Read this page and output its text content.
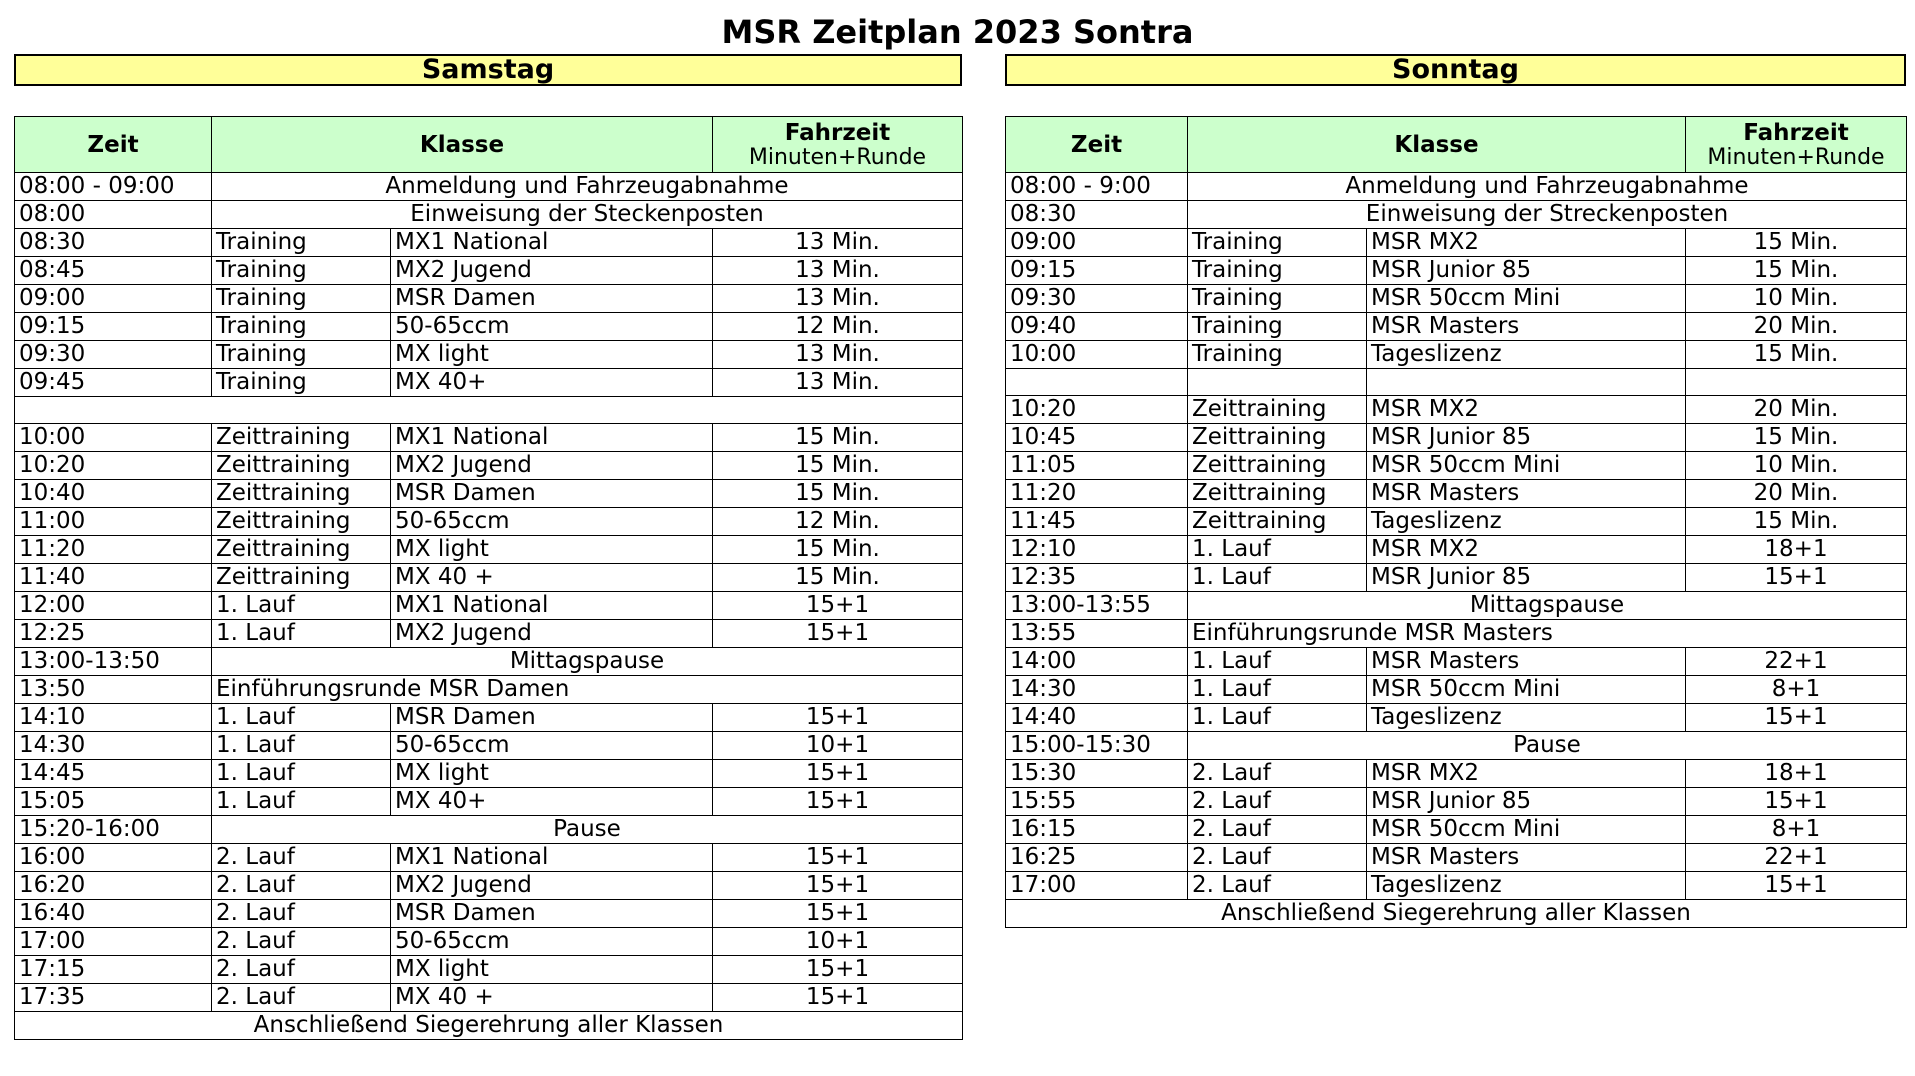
MSR Zeitplan 2023 Sontra
Samstag	Sonntag
Zeit	Klasse		Fahrzeit
Minuten+Runde

08:00 - 09:00	Anmeldung und Fahrzeugabnahme		
08:00	Einweisung der Steckenposten		
08:30	Training	MX1 National	13 Min.
08:45	Training	MX2 Jugend	13 Min.
09:00	Training	MSR Damen	13 Min.
09:15	Training	50-65ccm	12 Min.
09:30	Training	MX light	13 Min.
09:45	Training	MX 40+	13 Min.

10:00	Zeittraining	MX1 National	15 Min.
10:20	Zeittraining	MX2 Jugend	15 Min.
10:40	Zeittraining	MSR Damen	15 Min.
11:00	Zeittraining	50-65ccm	12 Min.
11:20	Zeittraining	MX light	15 Min.
11:40	Zeittraining	MX 40 +	15 Min.
12:00	1. Lauf	MX1 National	15+1
12:25	1. Lauf	MX2 Jugend	15+1
13:00-13:50	Mittagspause		
13:50	Einführungsrunde MSR Damen		
14:10	1. Lauf	MSR Damen	15+1
14:30	1. Lauf	50-65ccm	10+1
14:45	1. Lauf	MX light	15+1
15:05	1. Lauf	MX 40+	15+1
15:20-16:00	Pause		
16:00	2. Lauf	MX1 National	15+1
16:20	2. Lauf	MX2 Jugend	15+1
16:40	2. Lauf	MSR Damen	15+1
17:00	2. Lauf	50-65ccm	10+1
17:15	2. Lauf	MX light	15+1
17:35	2. Lauf	MX 40 +	15+1
Anschließend Siegerehrung aller Klassen			
Zeit	Klasse		Fahrzeit
Minuten+Runde

08:00 - 9:00	Anmeldung und Fahrzeugabnahme		
08:30	Einweisung der Streckenposten		
09:00	Training	MSR MX2	15 Min.
09:15	Training	MSR Junior 85	15 Min.
09:30	Training	MSR 50ccm Mini	10 Min.
09:40	Training	MSR Masters	20 Min.
10:00	Training	Tageslizenz	15 Min.

10:20	Zeittraining	MSR MX2	20 Min.
10:45	Zeittraining	MSR Junior 85	15 Min.
11:05	Zeittraining	MSR 50ccm Mini	10 Min.
11:20	Zeittraining	MSR Masters	20 Min.
11:45	Zeittraining	Tageslizenz	15 Min.
12:10	1. Lauf	MSR MX2	18+1
12:35	1. Lauf	MSR Junior 85	15+1
13:00-13:55	Mittagspause		
13:55	Einführungsrunde MSR Masters		
14:00	1. Lauf	MSR Masters	22+1
14:30	1. Lauf	MSR 50ccm Mini	8+1
14:40	1. Lauf	Tageslizenz	15+1
15:00-15:30	Pause		
15:30	2. Lauf	MSR MX2	18+1
15:55	2. Lauf	MSR Junior 85	15+1
16:15	2. Lauf	MSR 50ccm Mini	8+1
16:25	2. Lauf	MSR Masters	22+1
17:00	2. Lauf	Tageslizenz	15+1
Anschließend Siegerehrung aller Klassen			
